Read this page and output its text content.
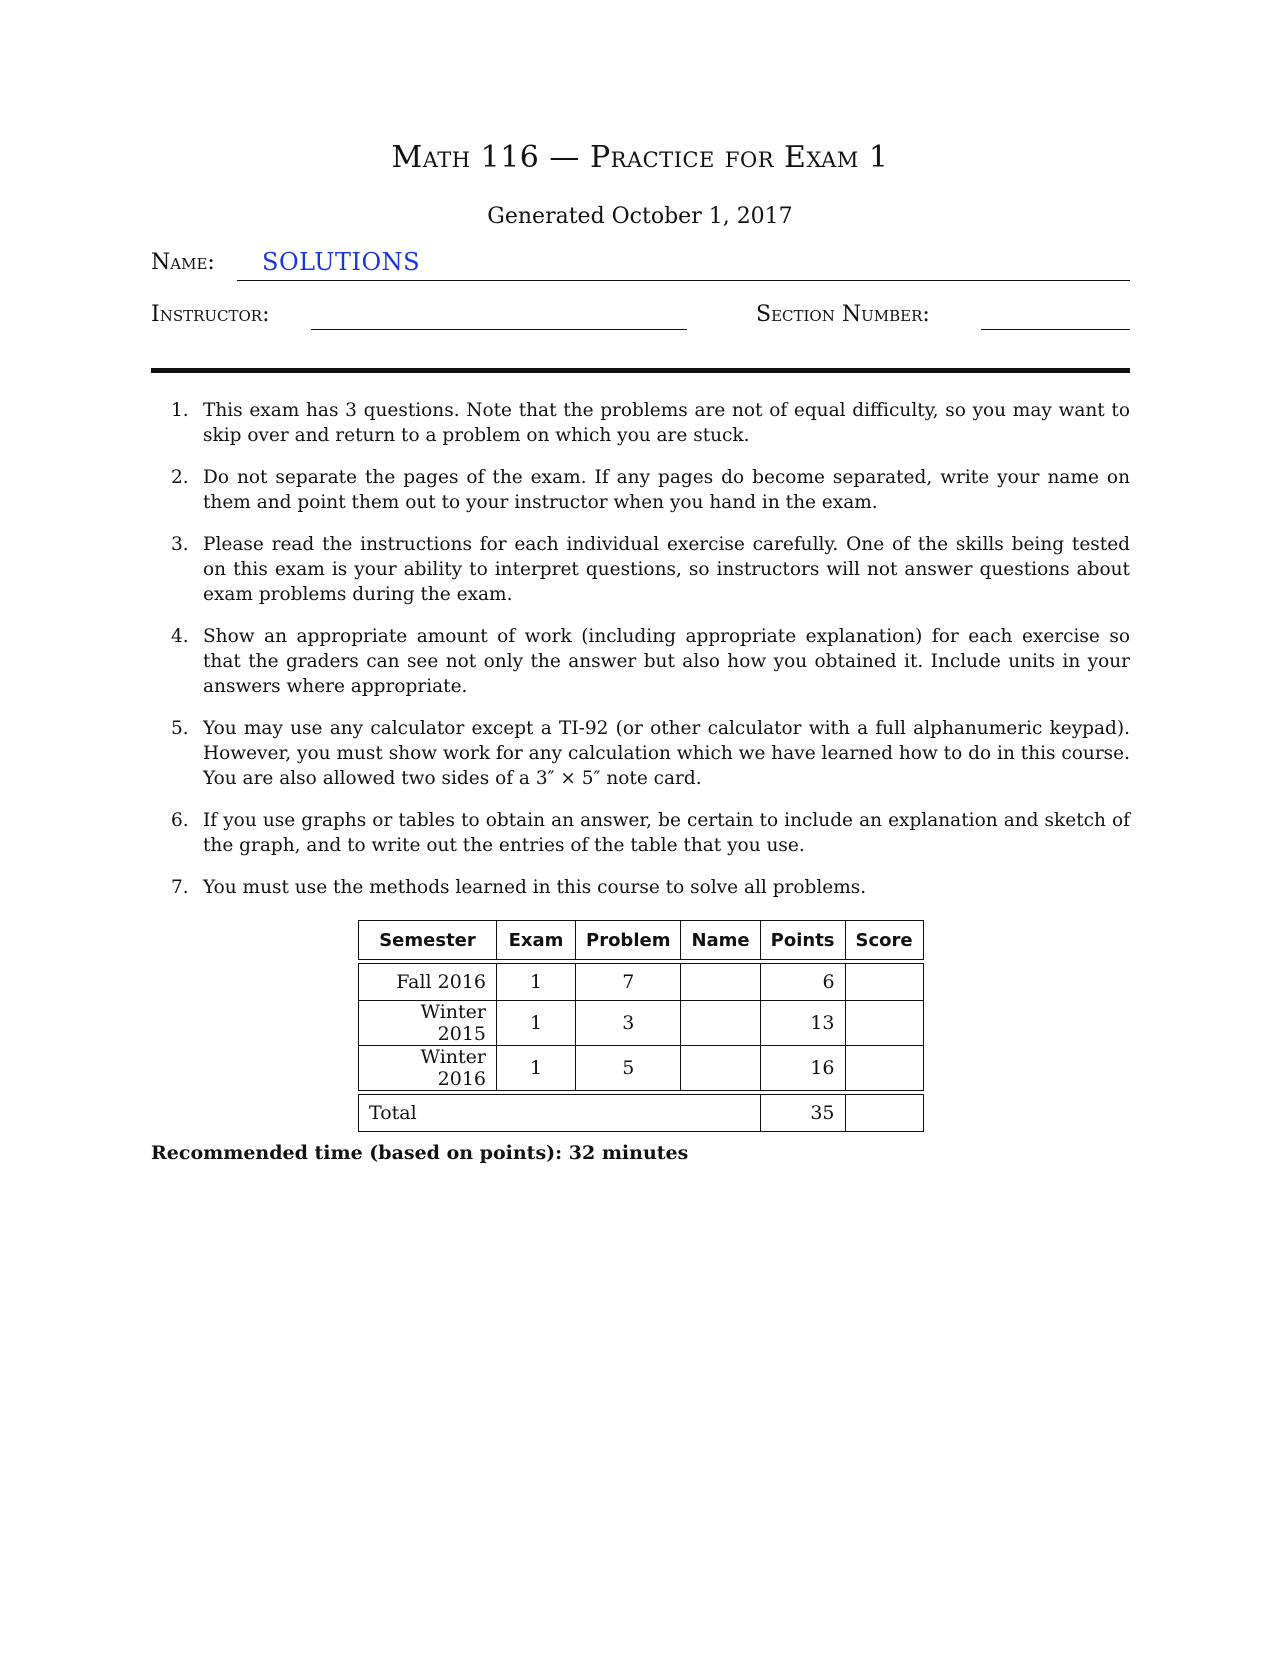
Math 116 — Practice for Exam 1
Generated October 1, 2017
Name: SOLUTIONS
Instructor:	Section Number:
1. This exam has 3 questions. Note that the problems are not of equal difficulty, so you may want to skip over and return to a problem on which you are stuck.
2. Do not separate the pages of the exam. If any pages do become separated, write your name on them and point them out to your instructor when you hand in the exam.
3. Please read the instructions for each individual exercise carefully. One of the skills being tested on this exam is your ability to interpret questions, so instructors will not answer questions about exam problems during the exam.
4. Show an appropriate amount of work (including appropriate explanation) for each exercise so that the graders can see not only the answer but also how you obtained it. Include units in your answers where appropriate.
5. You may use any calculator except a TI-92 (or other calculator with a full alphanumeric keypad). However, you must show work for any calculation which we have learned how to do in this course. You are also allowed two sides of a 3″ × 5″ note card.
6. If you use graphs or tables to obtain an answer, be certain to include an explanation and sketch of the graph, and to write out the entries of the table that you use.
7. You must use the methods learned in this course to solve all problems.
Semester	Exam	Problem	Name	Points	Score

Fall 2016	1	7		6	
Winter 2015	1	3		13	
Winter 2016	1	5		16	

Total				35	
Recommended time (based on points): 32 minutes
